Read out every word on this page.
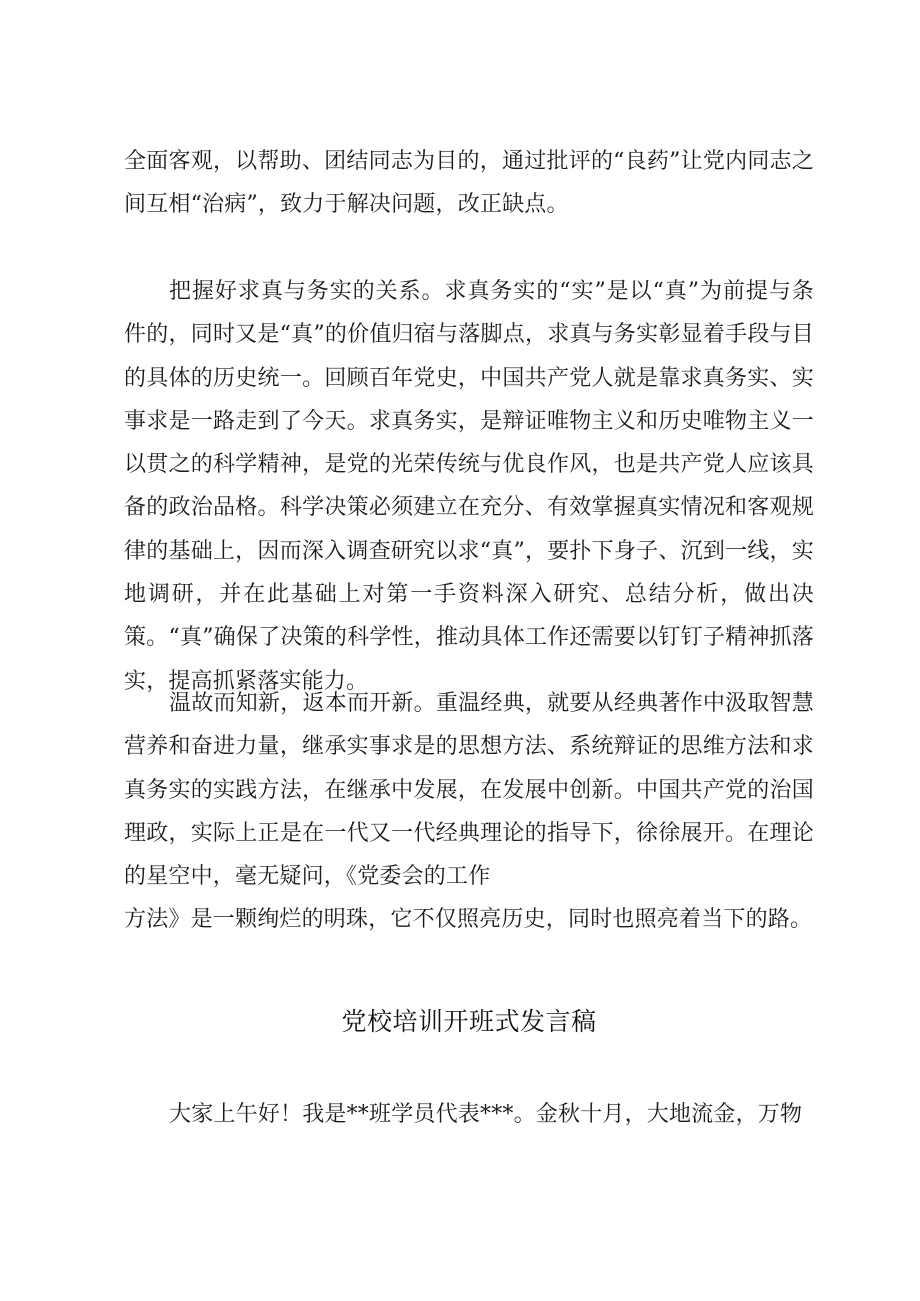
全面客观，以帮助、团结同志为目的，通过批评的“良药”让党内同志之间互相“治病”，致力于解决问题，改正缺点。
把握好求真与务实的关系。求真务实的“实”是以“真”为前提与条件的，同时又是“真”的价值归宿与落脚点，求真与务实彰显着手段与目的具体的历史统一。回顾百年党史，中国共产党人就是靠求真务实、实事求是一路走到了今天。求真务实，是辩证唯物主义和历史唯物主义一以贯之的科学精神，是党的光荣传统与优良作风，也是共产党人应该具备的政治品格。科学决策必须建立在充分、有效掌握真实情况和客观规律的基础上，因而深入调查研究以求“真”，要扑下身子、沉到一线，实地调研，并在此基础上对第一手资料深入研究、总结分析，做出决策。“真”确保了决策的科学性，推动具体工作还需要以钉钉子精神抓落实，提高抓紧落实能力。
温故而知新，返本而开新。重温经典，就要从经典著作中汲取智慧营养和奋进力量，继承实事求是的思想方法、系统辩证的思维方法和求真务实的实践方法，在继承中发展，在发展中创新。中国共产党的治国理政，实际上正是在一代又一代经典理论的指导下，徐徐展开。在理论的星空中，毫无疑问，《党委会的工作
方法》是一颗绚烂的明珠，它不仅照亮历史，同时也照亮着当下的路。
党校培训开班式发言稿
大家上午好！我是**班学员代表***。金秋十月，大地流金，万物
